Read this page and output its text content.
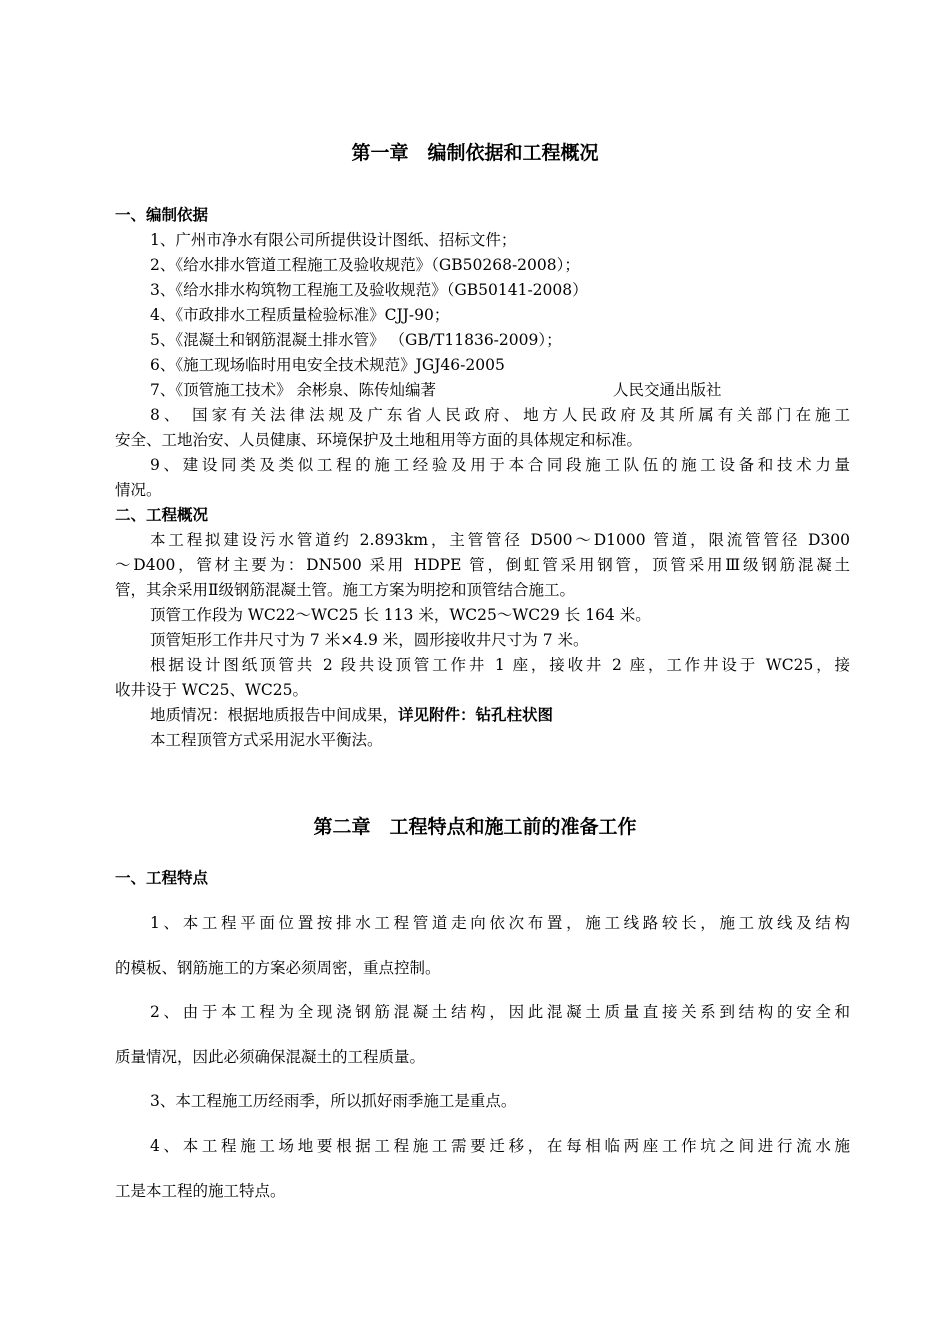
第一章　编制依据和工程概况
一、编制依据
1、广州市净水有限公司所提供设计图纸、招标文件；
2、《给水排水管道工程施工及验收规范》（GB50268-2008）；
3、《给水排水构筑物工程施工及验收规范》（GB50141-2008）
4、《市政排水工程质量检验标准》CJJ-90；
5、《混凝土和钢筋混凝土排水管》 （GB/T11836-2009）；
6、《施工现场临时用电安全技术规范》JGJ46-2005
7、《顶管施工技术》 余彬泉、陈传灿编著	人民交通出版社
8、 国家有关法律法规及广东省人民政府、地方人民政府及其所属有关部门在施工
安全、工地治安、人员健康、环境保护及土地租用等方面的具体规定和标准。
9、建设同类及类似工程的施工经验及用于本合同段施工队伍的施工设备和技术力量
情况。
二、工程概况
本工程拟建设污水管道约 2.893km，主管管径 D500～D1000 管道，限流管管径 D300
～D400，管材主要为：DN500 采用 HDPE 管，倒虹管采用钢管，顶管采用Ⅲ级钢筋混凝土
管，其余采用Ⅱ级钢筋混凝土管。施工方案为明挖和顶管结合施工。
顶管工作段为 WC22～WC25 长 113 米，WC25～WC29 长 164 米。
顶管矩形工作井尺寸为 7 米×4.9 米，圆形接收井尺寸为 7 米。
根据设计图纸顶管共 2 段共设顶管工作井 1 座，接收井 2 座，工作井设于 WC25，接
收井设于 WC25、WC25。
地质情况：根据地质报告中间成果，详见附件：钻孔柱状图
本工程顶管方式采用泥水平衡法。
第二章　工程特点和施工前的准备工作
一、工程特点
1、本工程平面位置按排水工程管道走向依次布置，施工线路较长，施工放线及结构
的模板、钢筋施工的方案必须周密，重点控制。
2、由于本工程为全现浇钢筋混凝土结构，因此混凝土质量直接关系到结构的安全和
质量情况，因此必须确保混凝土的工程质量。
3、本工程施工历经雨季，所以抓好雨季施工是重点。
4、本工程施工场地要根据工程施工需要迁移，在每相临两座工作坑之间进行流水施
工是本工程的施工特点。
